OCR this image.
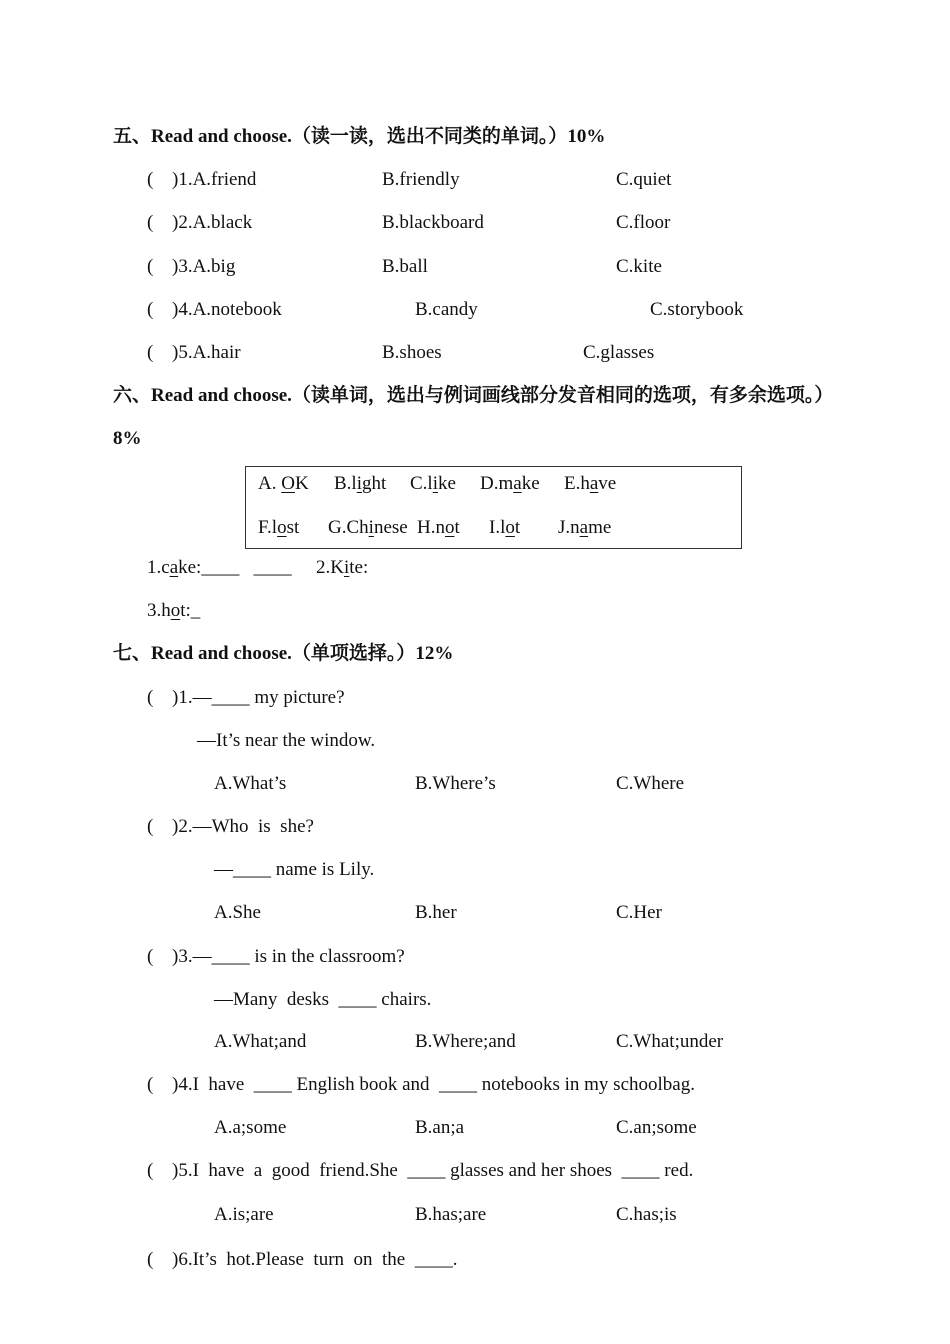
五、Read and choose.（读一读，选出不同类的单词。）10%
( )1.A.friend	B.friendly	C.quiet
( )2.A.black	B.blackboard	C.floor
( )3.A.big	B.ball	C.kite
( )4.A.notebook	B.candy	C.storybook
( )5.A.hair	B.shoes	C.glasses
六、Read and choose.（读单词，选出与例词画线部分发音相同的选项，有多余选项。）
8%
A. OK B.light C.like D.make E.have
F.lost G.Chinese H.not I.lot J.name
1.cake:____   ____ 2.Kite:
3.hot:_
七、Read and choose.（单项选择。）12%
( )1.—____ my picture?
—It’s near the window.
A.What’s	B.Where’s	C.Where
( )2.—Who  is  she?
—____ name is Lily.
A.She	B.her	C.Her
( )3.—____ is in the classroom?
—Many  desks  ____ chairs.
A.What;and	B.Where;and	C.What;under
( )4.I  have  ____ English book and  ____ notebooks in my schoolbag.
A.a;some	B.an;a	C.an;some
( )5.I  have  a  good  friend.She  ____ glasses and her shoes  ____ red.
A.is;are	B.has;are	C.has;is
( )6.It’s  hot.Please  turn  on  the  ____.
